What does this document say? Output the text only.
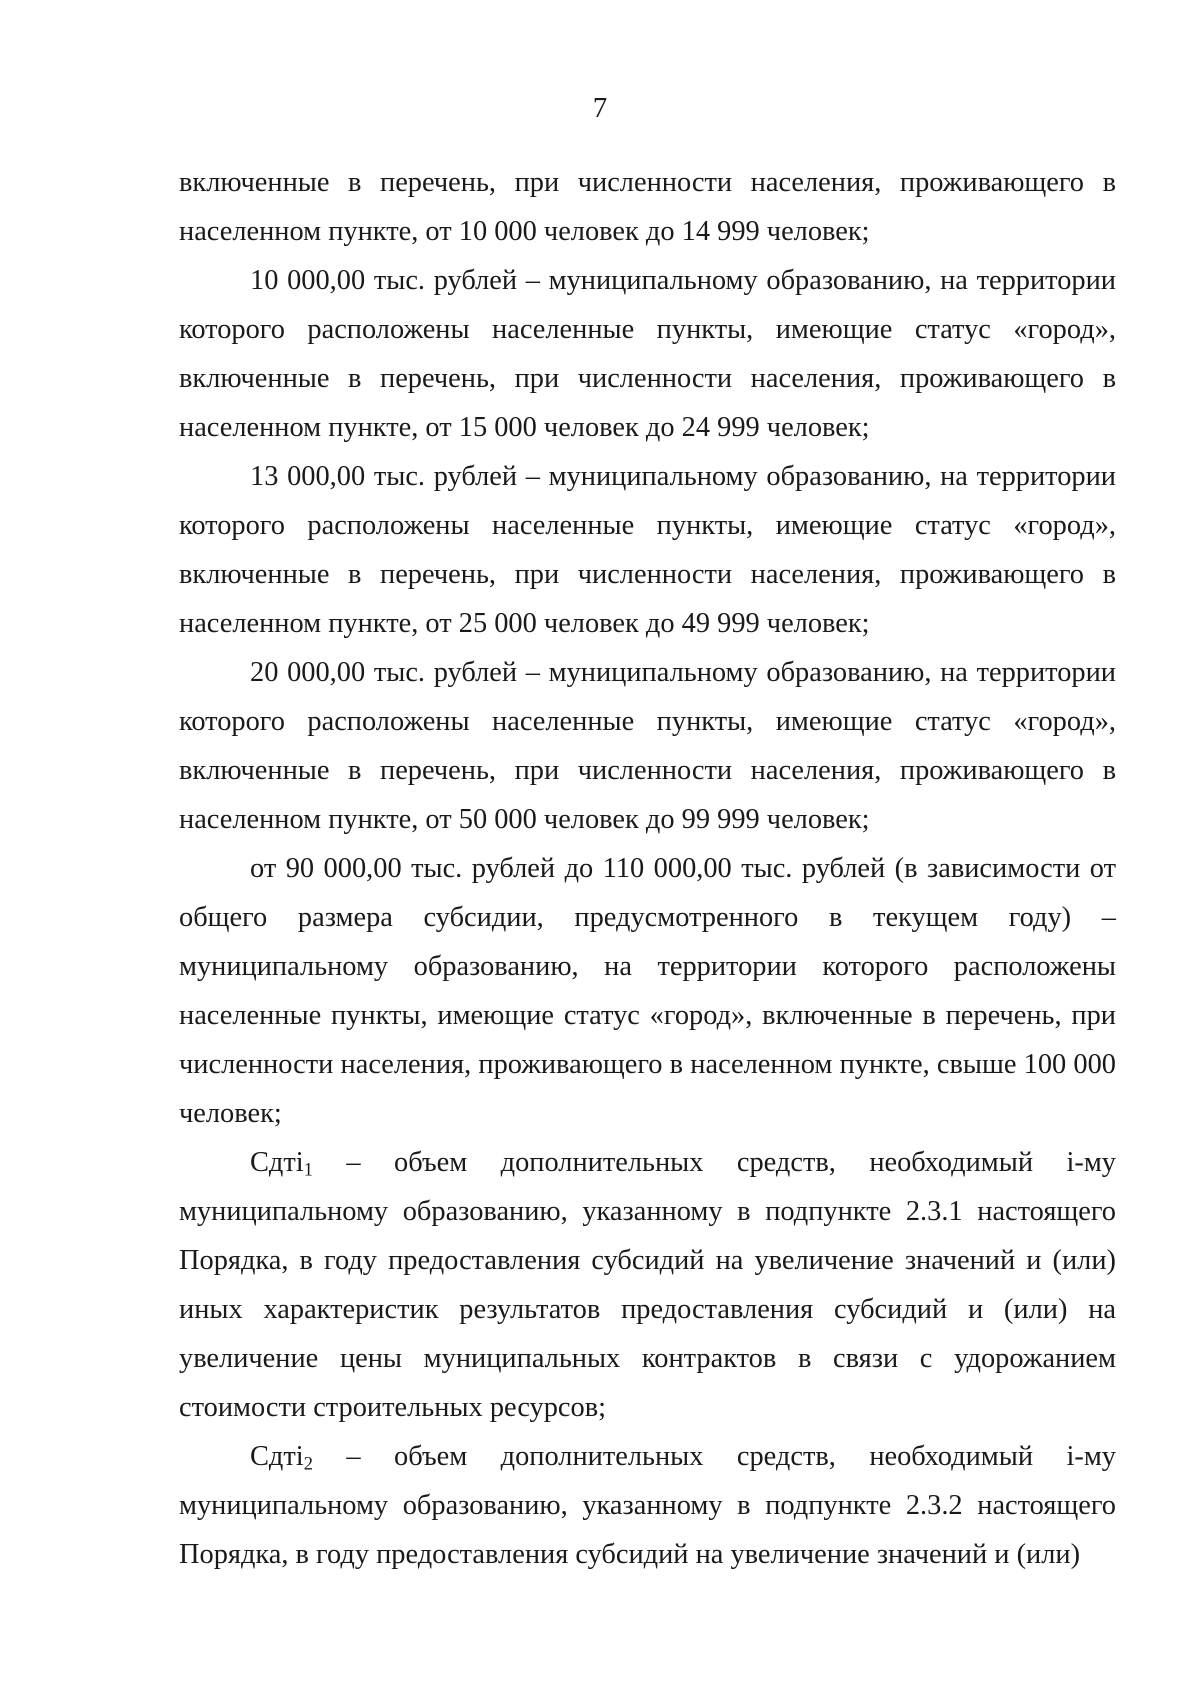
7

включенные в перечень, при численности населения, проживающего в населенном пункте, от 10 000 человек до 14 999 человек;

10 000,00 тыс. рублей – муниципальному образованию, на территории которого расположены населенные пункты, имеющие статус «город», включенные в перечень, при численности населения, проживающего в населенном пункте, от 15 000 человек до 24 999 человек;

13 000,00 тыс. рублей – муниципальному образованию, на территории которого расположены населенные пункты, имеющие статус «город», включенные в перечень, при численности населения, проживающего в населенном пункте, от 25 000 человек до 49 999 человек;

20 000,00 тыс. рублей – муниципальному образованию, на территории которого расположены населенные пункты, имеющие статус «город», включенные в перечень, при численности населения, проживающего в населенном пункте, от 50 000 человек до 99 999 человек;

от 90 000,00 тыс. рублей до 110 000,00 тыс. рублей (в зависимости от общего размера субсидии, предусмотренного в текущем году) – муниципальному образованию, на территории которого расположены населенные пункты, имеющие статус «город», включенные в перечень, при численности населения, проживающего в населенном пункте, свыше 100 000 человек;

Сдтi$_1$ – объем дополнительных средств, необходимый i-му муниципальному образованию, указанному в подпункте 2.3.1 настоящего Порядка, в году предоставления субсидий на увеличение значений и (или) иных характеристик результатов предоставления субсидий и (или) на увеличение цены муниципальных контрактов в связи с удорожанием стоимости строительных ресурсов;

Сдтi$_2$ – объем дополнительных средств, необходимый i-му муниципальному образованию, указанному в подпункте 2.3.2 настоящего Порядка, в году предоставления субсидий на увеличение значений и (или)
